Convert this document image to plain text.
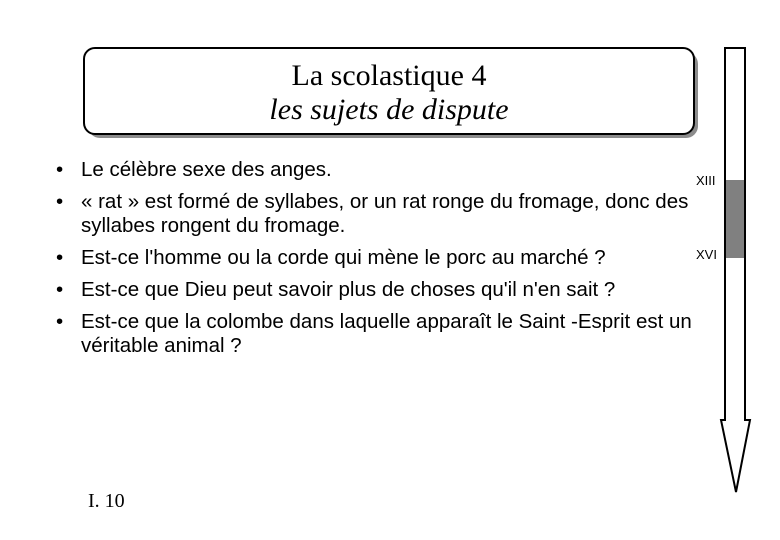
La scolastique 4
les sujets de dispute
• Le célèbre sexe des anges.
• « rat » est formé de syllabes, or un rat ronge du fromage, donc des syllabes rongent du fromage.
• Est-ce l'homme ou la corde qui mène le porc au marché ?
• Est-ce que Dieu peut savoir plus de choses qu'il n'en sait ?
• Est-ce que la colombe dans laquelle apparaît le Saint -Esprit est un véritable animal ?
XIII
XVI
I. 10
